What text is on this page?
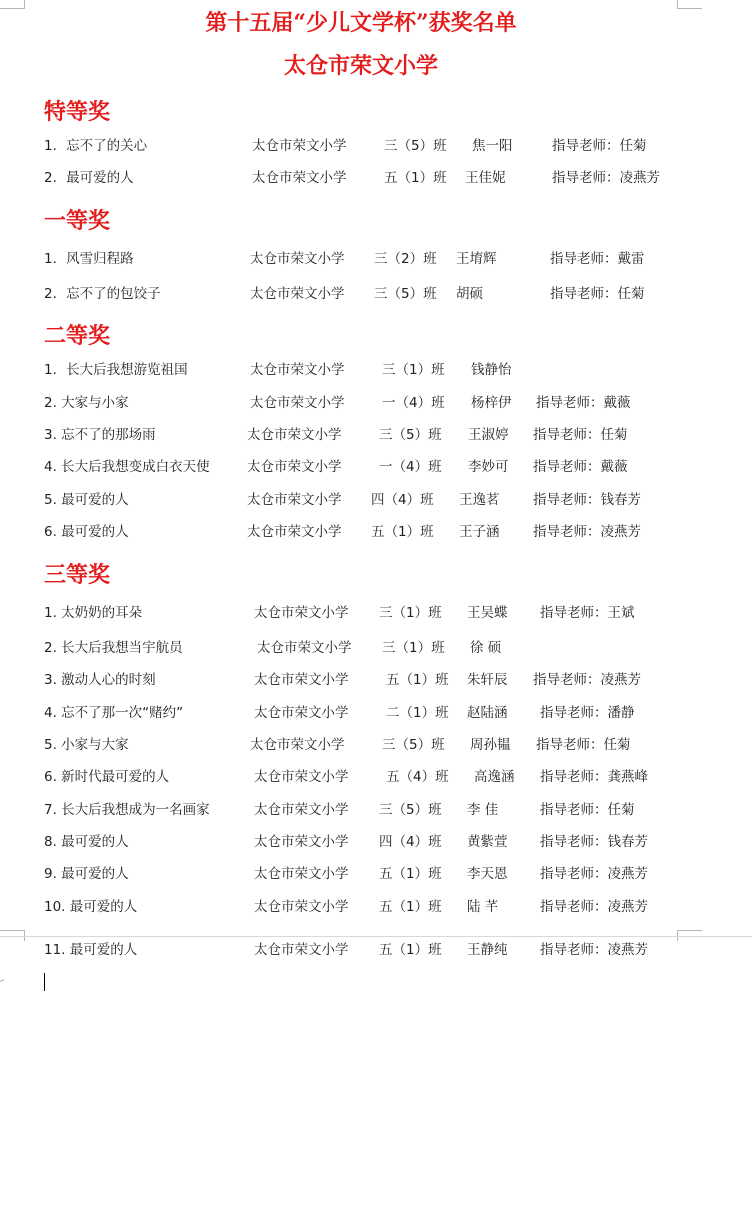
第十五届“少儿文学杯”获奖名单
太仓市荣文小学
特等奖
1．忘不了的关心	太仓市荣文小学	三（5）班 焦一阳	指导老师：任菊
2．最可爱的人	太仓市荣文小学	五（1）班 王佳妮	指导老师：凌燕芳
一等奖
1．风雪归程路	太仓市荣文小学 三（2）班 王堉辉	指导老师：戴雷
2．忘不了的包饺子	太仓市荣文小学 三（5）班 胡硕	指导老师：任菊
二等奖
1．长大后我想游览祖国	太仓市荣文小学	三（1）班 钱静怡
2. 大家与小家	太仓市荣文小学	一（4）班 杨梓伊 指导老师：戴薇
3. 忘不了的那场雨	太仓市荣文小学	三（5）班 王淑婷 指导老师：任菊
4. 长大后我想变成白衣天使	太仓市荣文小学	一（4）班 李妙可 指导老师：戴薇
5. 最可爱的人	太仓市荣文小学 四（4）班 王逸茗 指导老师：钱春芳
6. 最可爱的人	太仓市荣文小学 五（1）班 王子涵 指导老师：凌燕芳
三等奖
1. 太奶奶的耳朵	太仓市荣文小学 三（1）班 王吴蝶 指导老师：王斌
2. 长大后我想当宇航员	太仓市荣文小学 三（1）班 徐 硕
3. 激动人心的时刻	太仓市荣文小学	五（1）班 朱轩辰 指导老师：凌燕芳
4. 忘不了那一次“赌约”	太仓市荣文小学	二（1）班 赵陆涵 指导老师：潘静
5. 小家与大家	太仓市荣文小学	三（5）班 周孙韫 指导老师：任菊
6. 新时代最可爱的人	太仓市荣文小学	五（4）班 高逸涵 指导老师：龚燕峰
7. 长大后我想成为一名画家	太仓市荣文小学 三（5）班 李 佳	指导老师：任菊
8. 最可爱的人	太仓市荣文小学 四（4）班 黄紫萱 指导老师：钱春芳
9. 最可爱的人	太仓市荣文小学 五（1）班 李天恩 指导老师：凌燕芳
10. 最可爱的人	太仓市荣文小学 五（1）班 陆 芊	指导老师：凌燕芳
11. 最可爱的人	太仓市荣文小学 五（1）班 王静纯 指导老师：凌燕芳
